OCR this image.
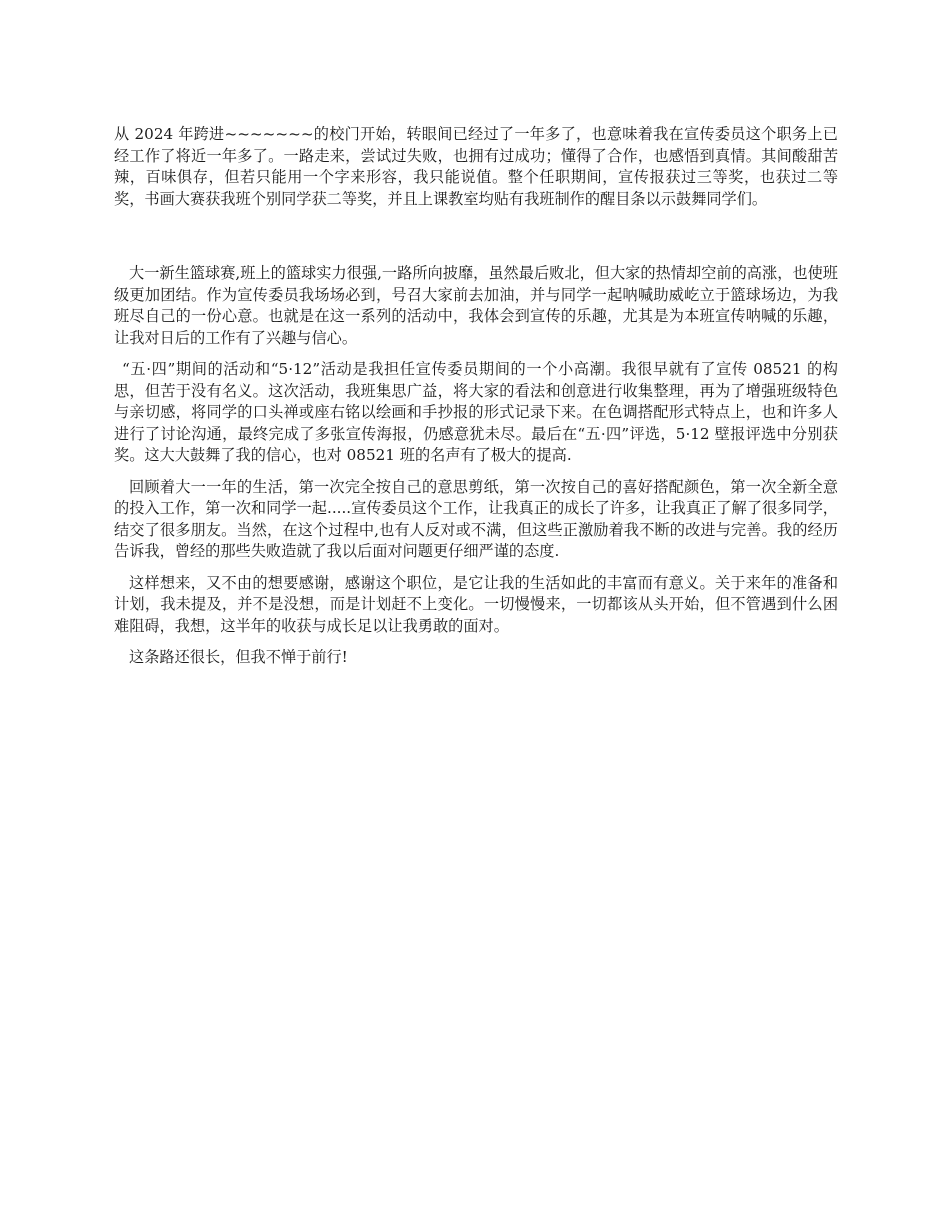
从 2024 年跨进~~~~~~~的校门开始，转眼间已经过了一年多了，也意味着我在宣传委员这个职务上已经工作了将近一年多了。一路走来，尝试过失败，也拥有过成功；懂得了合作，也感悟到真情。其间酸甜苦辣，百味俱存，但若只能用一个字来形容，我只能说值。整个任职期间，宣传报获过三等奖，也获过二等奖，书画大赛获我班个别同学获二等奖，并且上课教室均贴有我班制作的醒目条以示鼓舞同学们。

大一新生篮球赛,班上的篮球实力很强,一路所向披靡，虽然最后败北，但大家的热情却空前的高涨，也使班级更加团结。作为宣传委员我场场必到，号召大家前去加油，并与同学一起呐喊助威屹立于篮球场边，为我班尽自己的一份心意。也就是在这一系列的活动中，我体会到宣传的乐趣，尤其是为本班宣传呐喊的乐趣，让我对日后的工作有了兴趣与信心。

“五·四”期间的活动和“5·12”活动是我担任宣传委员期间的一个小高潮。我很早就有了宣传 08521 的构思，但苦于没有名义。这次活动，我班集思广益，将大家的看法和创意进行收集整理，再为了增强班级特色与亲切感，将同学的口头禅或座右铭以绘画和手抄报的形式记录下来。在色调搭配形式特点上，也和许多人进行了讨论沟通，最终完成了多张宣传海报，仍感意犹未尽。最后在“五·四”评选，5·12 壁报评选中分别获奖。这大大鼓舞了我的信心，也对 08521 班的名声有了极大的提高.

回顾着大一一年的生活，第一次完全按自己的意思剪纸，第一次按自己的喜好搭配颜色，第一次全新全意的投入工作，第一次和同学一起.....宣传委员这个工作，让我真正的成长了许多，让我真正了解了很多同学，结交了很多朋友。当然，在这个过程中,也有人反对或不满，但这些正激励着我不断的改进与完善。我的经历告诉我，曾经的那些失败造就了我以后面对问题更仔细严谨的态度.

这样想来，又不由的想要感谢，感谢这个职位，是它让我的生活如此的丰富而有意义。关于来年的准备和计划，我未提及，并不是没想，而是计划赶不上变化。一切慢慢来，一切都该从头开始，但不管遇到什么困难阻碍，我想，这半年的收获与成长足以让我勇敢的面对。

这条路还很长，但我不惮于前行!
